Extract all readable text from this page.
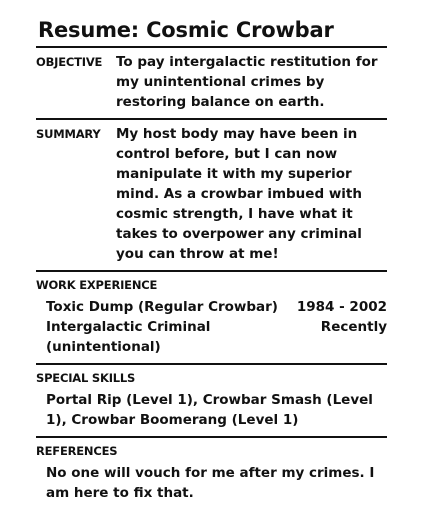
Resume: Cosmic Crowbar
OBJECTIVE	To pay intergalactic restitution for my unintentional crimes by restoring balance on earth.

SUMMARY	My host body may have been in control before, but I can now manipulate it with my superior mind. As a crowbar imbued with cosmic strength, I have what it takes to overpower any criminal you can throw at me!

WORK EXPERIENCE
Toxic Dump (Regular Crowbar) 1984 - 2002
Intergalactic Criminal (unintentional)
Recently
SPECIAL SKILLS

Portal Rip (Level 1), Crowbar Smash (Level 1), Crowbar Boomerang (Level 1)

REFERENCES

No one will vouch for me after my crimes. I am here to fix that.
